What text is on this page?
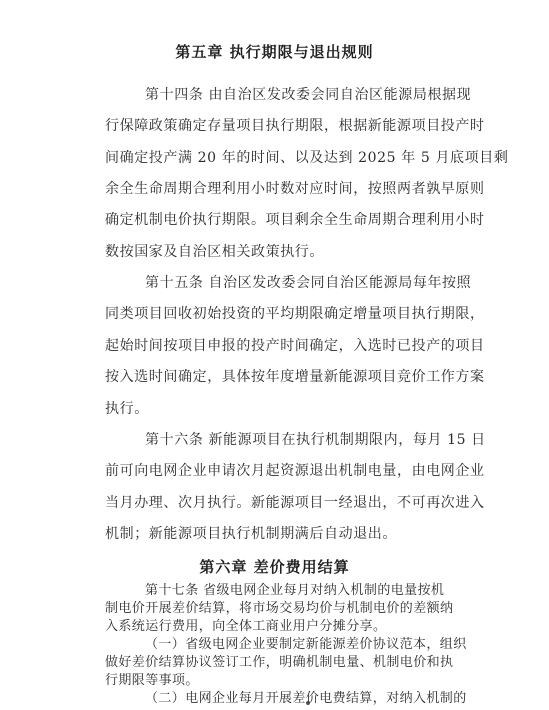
第五章 执行期限与退出规则
第十四条 由自治区发改委会同自治区能源局根据现
行保障政策确定存量项目执行期限，根据新能源项目投产时
间确定投产满 20 年的时间、以及达到 2025 年 5 月底项目剩
余全生命周期合理利用小时数对应时间，按照两者孰早原则
确定机制电价执行期限。项目剩余全生命周期合理利用小时
数按国家及自治区相关政策执行。
第十五条 自治区发改委会同自治区能源局每年按照
同类项目回收初始投资的平均期限确定增量项目执行期限，
起始时间按项目申报的投产时间确定，入选时已投产的项目
按入选时间确定，具体按年度增量新能源项目竞价工作方案
执行。
第十六条 新能源项目在执行机制期限内，每月 15 日
前可向电网企业申请次月起资源退出机制电量，由电网企业
当月办理、次月执行。新能源项目一经退出，不可再次进入
机制；新能源项目执行机制期满后自动退出。
第六章 差价费用结算
第十七条 省级电网企业每月对纳入机制的电量按机
制电价开展差价结算，将市场交易均价与机制电价的差额纳
入系统运行费用，向全体工商业用户分摊分享。
（一）省级电网企业要制定新能源差价协议范本，组织
做好差价结算协议签订工作，明确机制电量、机制电价和执
行期限等事项。
（二）电网企业每月开展差价电费结算，对纳入机制的
